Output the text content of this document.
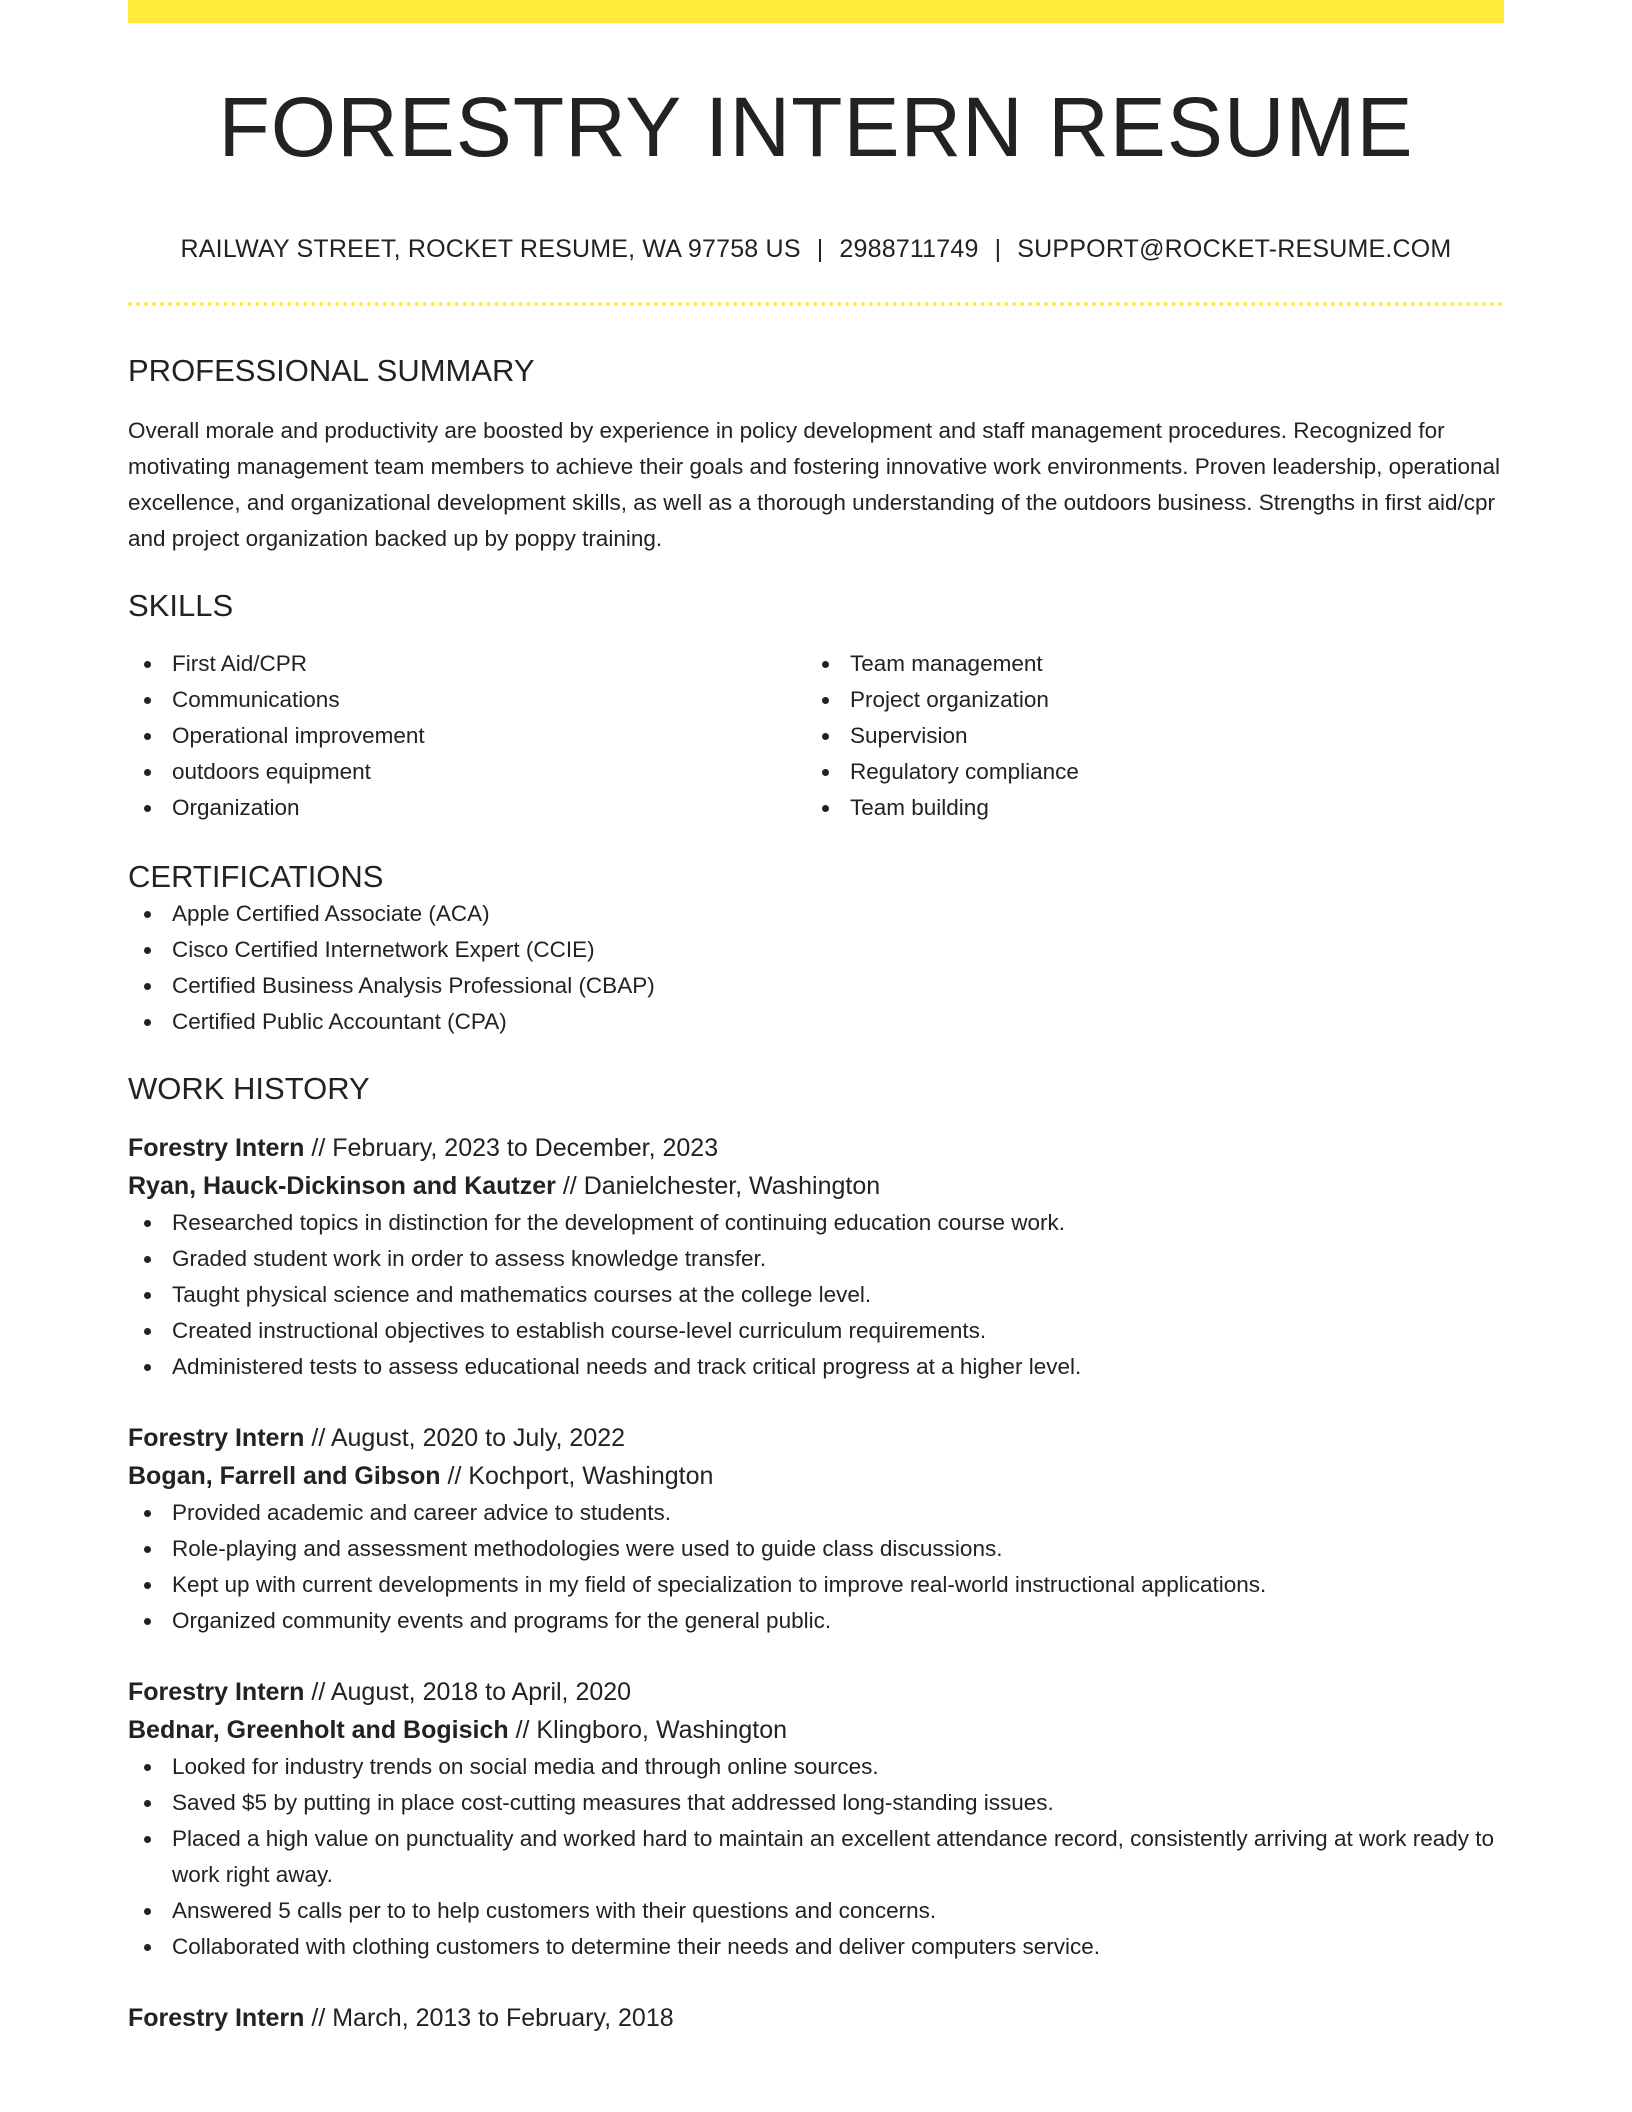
FORESTRY INTERN RESUME
RAILWAY STREET, ROCKET RESUME, WA 97758 US | 2988711749 | SUPPORT@ROCKET-RESUME.COM
PROFESSIONAL SUMMARY

Overall morale and productivity are boosted by experience in policy development and staff management procedures. Recognized for motivating management team members to achieve their goals and fostering innovative work environments. Proven leadership, operational excellence, and organizational development skills, as well as a thorough understanding of the outdoors business. Strengths in first aid/cpr and project organization backed up by poppy training.

SKILLS
First Aid/CPR
Communications
Operational improvement
outdoors equipment
Organization
Team management
Project organization
Supervision
Regulatory compliance
Team building
CERTIFICATIONS
Apple Certified Associate (ACA)
Cisco Certified Internetwork Expert (CCIE)
Certified Business Analysis Professional (CBAP)
Certified Public Accountant (CPA)
WORK HISTORY
Forestry Intern // February, 2023 to December, 2023
Ryan, Hauck-Dickinson and Kautzer // Danielchester, Washington
Researched topics in distinction for the development of continuing education course work.
Graded student work in order to assess knowledge transfer.
Taught physical science and mathematics courses at the college level.
Created instructional objectives to establish course-level curriculum requirements.
Administered tests to assess educational needs and track critical progress at a higher level.
Forestry Intern // August, 2020 to July, 2022
Bogan, Farrell and Gibson // Kochport, Washington
Provided academic and career advice to students.
Role-playing and assessment methodologies were used to guide class discussions.
Kept up with current developments in my field of specialization to improve real-world instructional applications.
Organized community events and programs for the general public.
Forestry Intern // August, 2018 to April, 2020
Bednar, Greenholt and Bogisich // Klingboro, Washington
Looked for industry trends on social media and through online sources.
Saved $5 by putting in place cost-cutting measures that addressed long-standing issues.
Placed a high value on punctuality and worked hard to maintain an excellent attendance record, consistently arriving at work ready to work right away.
Answered 5 calls per to to help customers with their questions and concerns.
Collaborated with clothing customers to determine their needs and deliver computers service.
Forestry Intern // March, 2013 to February, 2018
